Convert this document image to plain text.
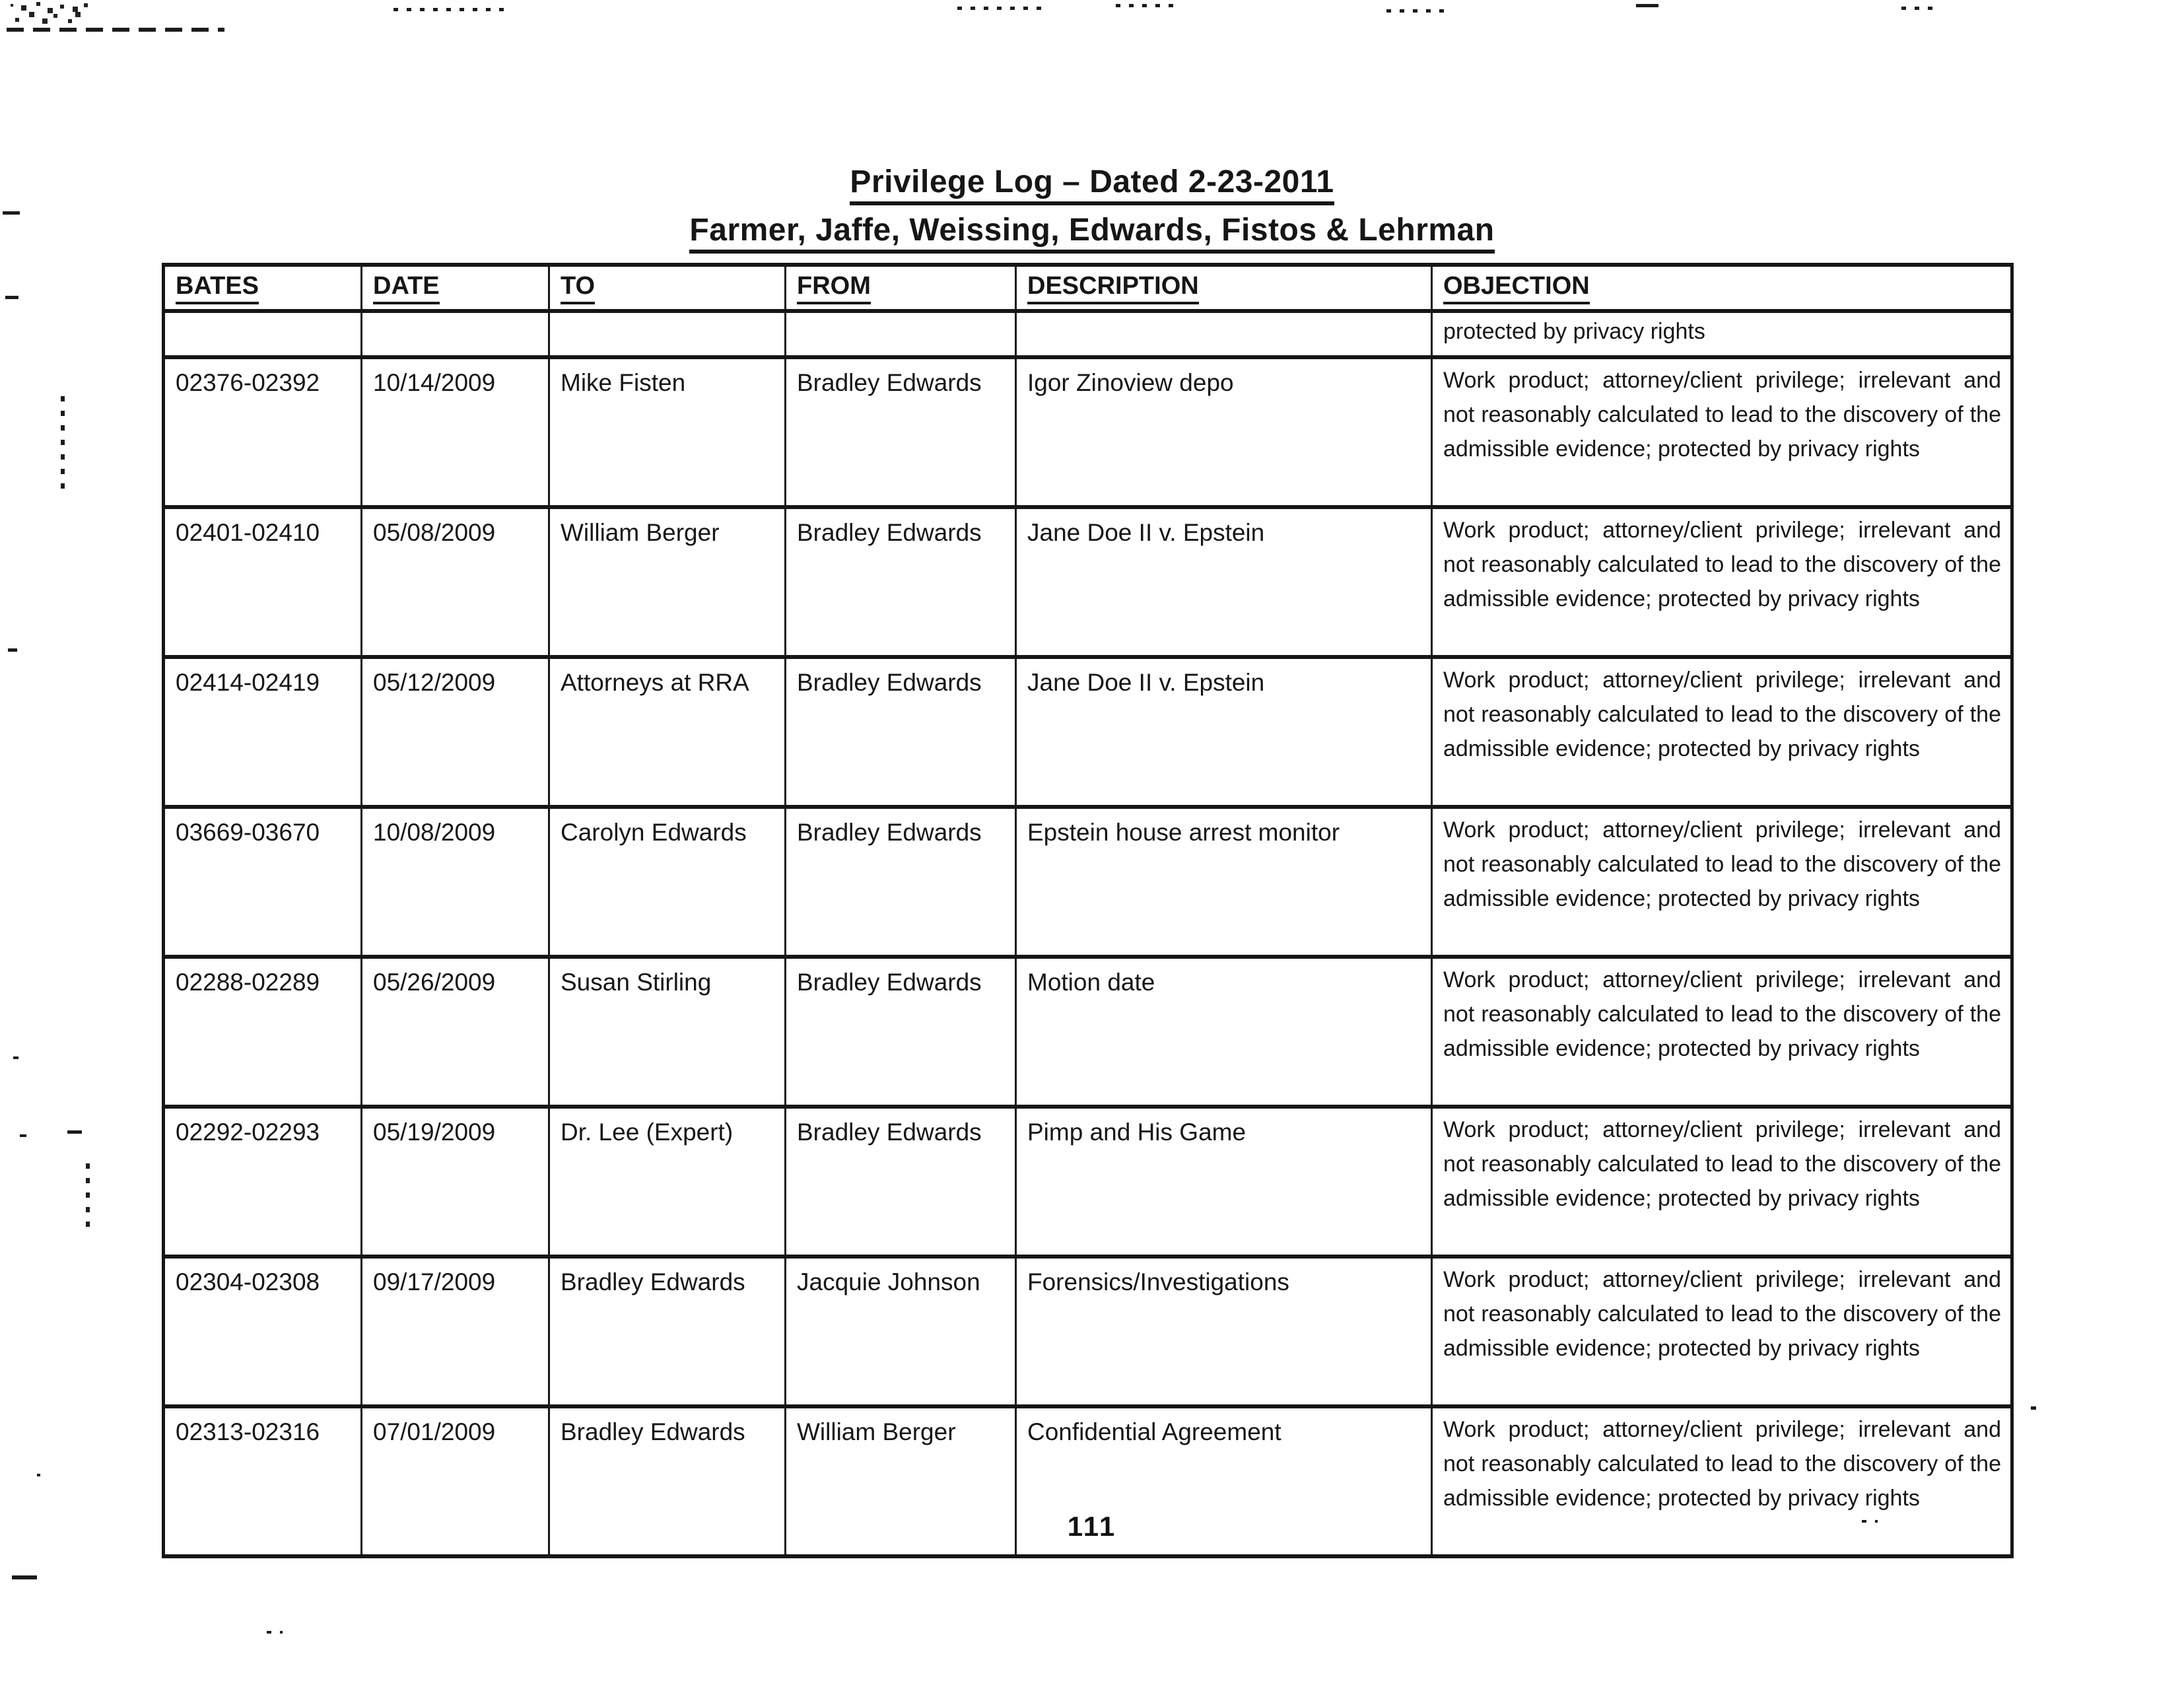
Privilege Log – Dated 2-23-2011
Farmer, Jaffe, Weissing, Edwards, Fistos & Lehrman
BATES	DATE	TO	FROM	DESCRIPTION	OBJECTION
					protected by privacy rights
02376-02392	10/14/2009	Mike Fisten	Bradley Edwards	Igor Zinoview depo	Work product; attorney/client privilege; irrelevant and not reasonably calculated to lead to the discovery of the admissible evidence; protected by privacy rights
02401-02410	05/08/2009	William Berger	Bradley Edwards	Jane Doe II v. Epstein	Work product; attorney/client privilege; irrelevant and not reasonably calculated to lead to the discovery of the admissible evidence; protected by privacy rights
02414-02419	05/12/2009	Attorneys at RRA	Bradley Edwards	Jane Doe II v. Epstein	Work product; attorney/client privilege; irrelevant and not reasonably calculated to lead to the discovery of the admissible evidence; protected by privacy rights
03669-03670	10/08/2009	Carolyn Edwards	Bradley Edwards	Epstein house arrest monitor	Work product; attorney/client privilege; irrelevant and not reasonably calculated to lead to the discovery of the admissible evidence; protected by privacy rights
02288-02289	05/26/2009	Susan Stirling	Bradley Edwards	Motion date	Work product; attorney/client privilege; irrelevant and not reasonably calculated to lead to the discovery of the admissible evidence; protected by privacy rights
02292-02293	05/19/2009	Dr. Lee (Expert)	Bradley Edwards	Pimp and His Game	Work product; attorney/client privilege; irrelevant and not reasonably calculated to lead to the discovery of the admissible evidence; protected by privacy rights
02304-02308	09/17/2009	Bradley Edwards	Jacquie Johnson	Forensics/Investigations	Work product; attorney/client privilege; irrelevant and not reasonably calculated to lead to the discovery of the admissible evidence; protected by privacy rights
02313-02316	07/01/2009	Bradley Edwards	William Berger	Confidential Agreement	Work product; attorney/client privilege; irrelevant and not reasonably calculated to lead to the discovery of the admissible evidence; protected by privacy rights
111
